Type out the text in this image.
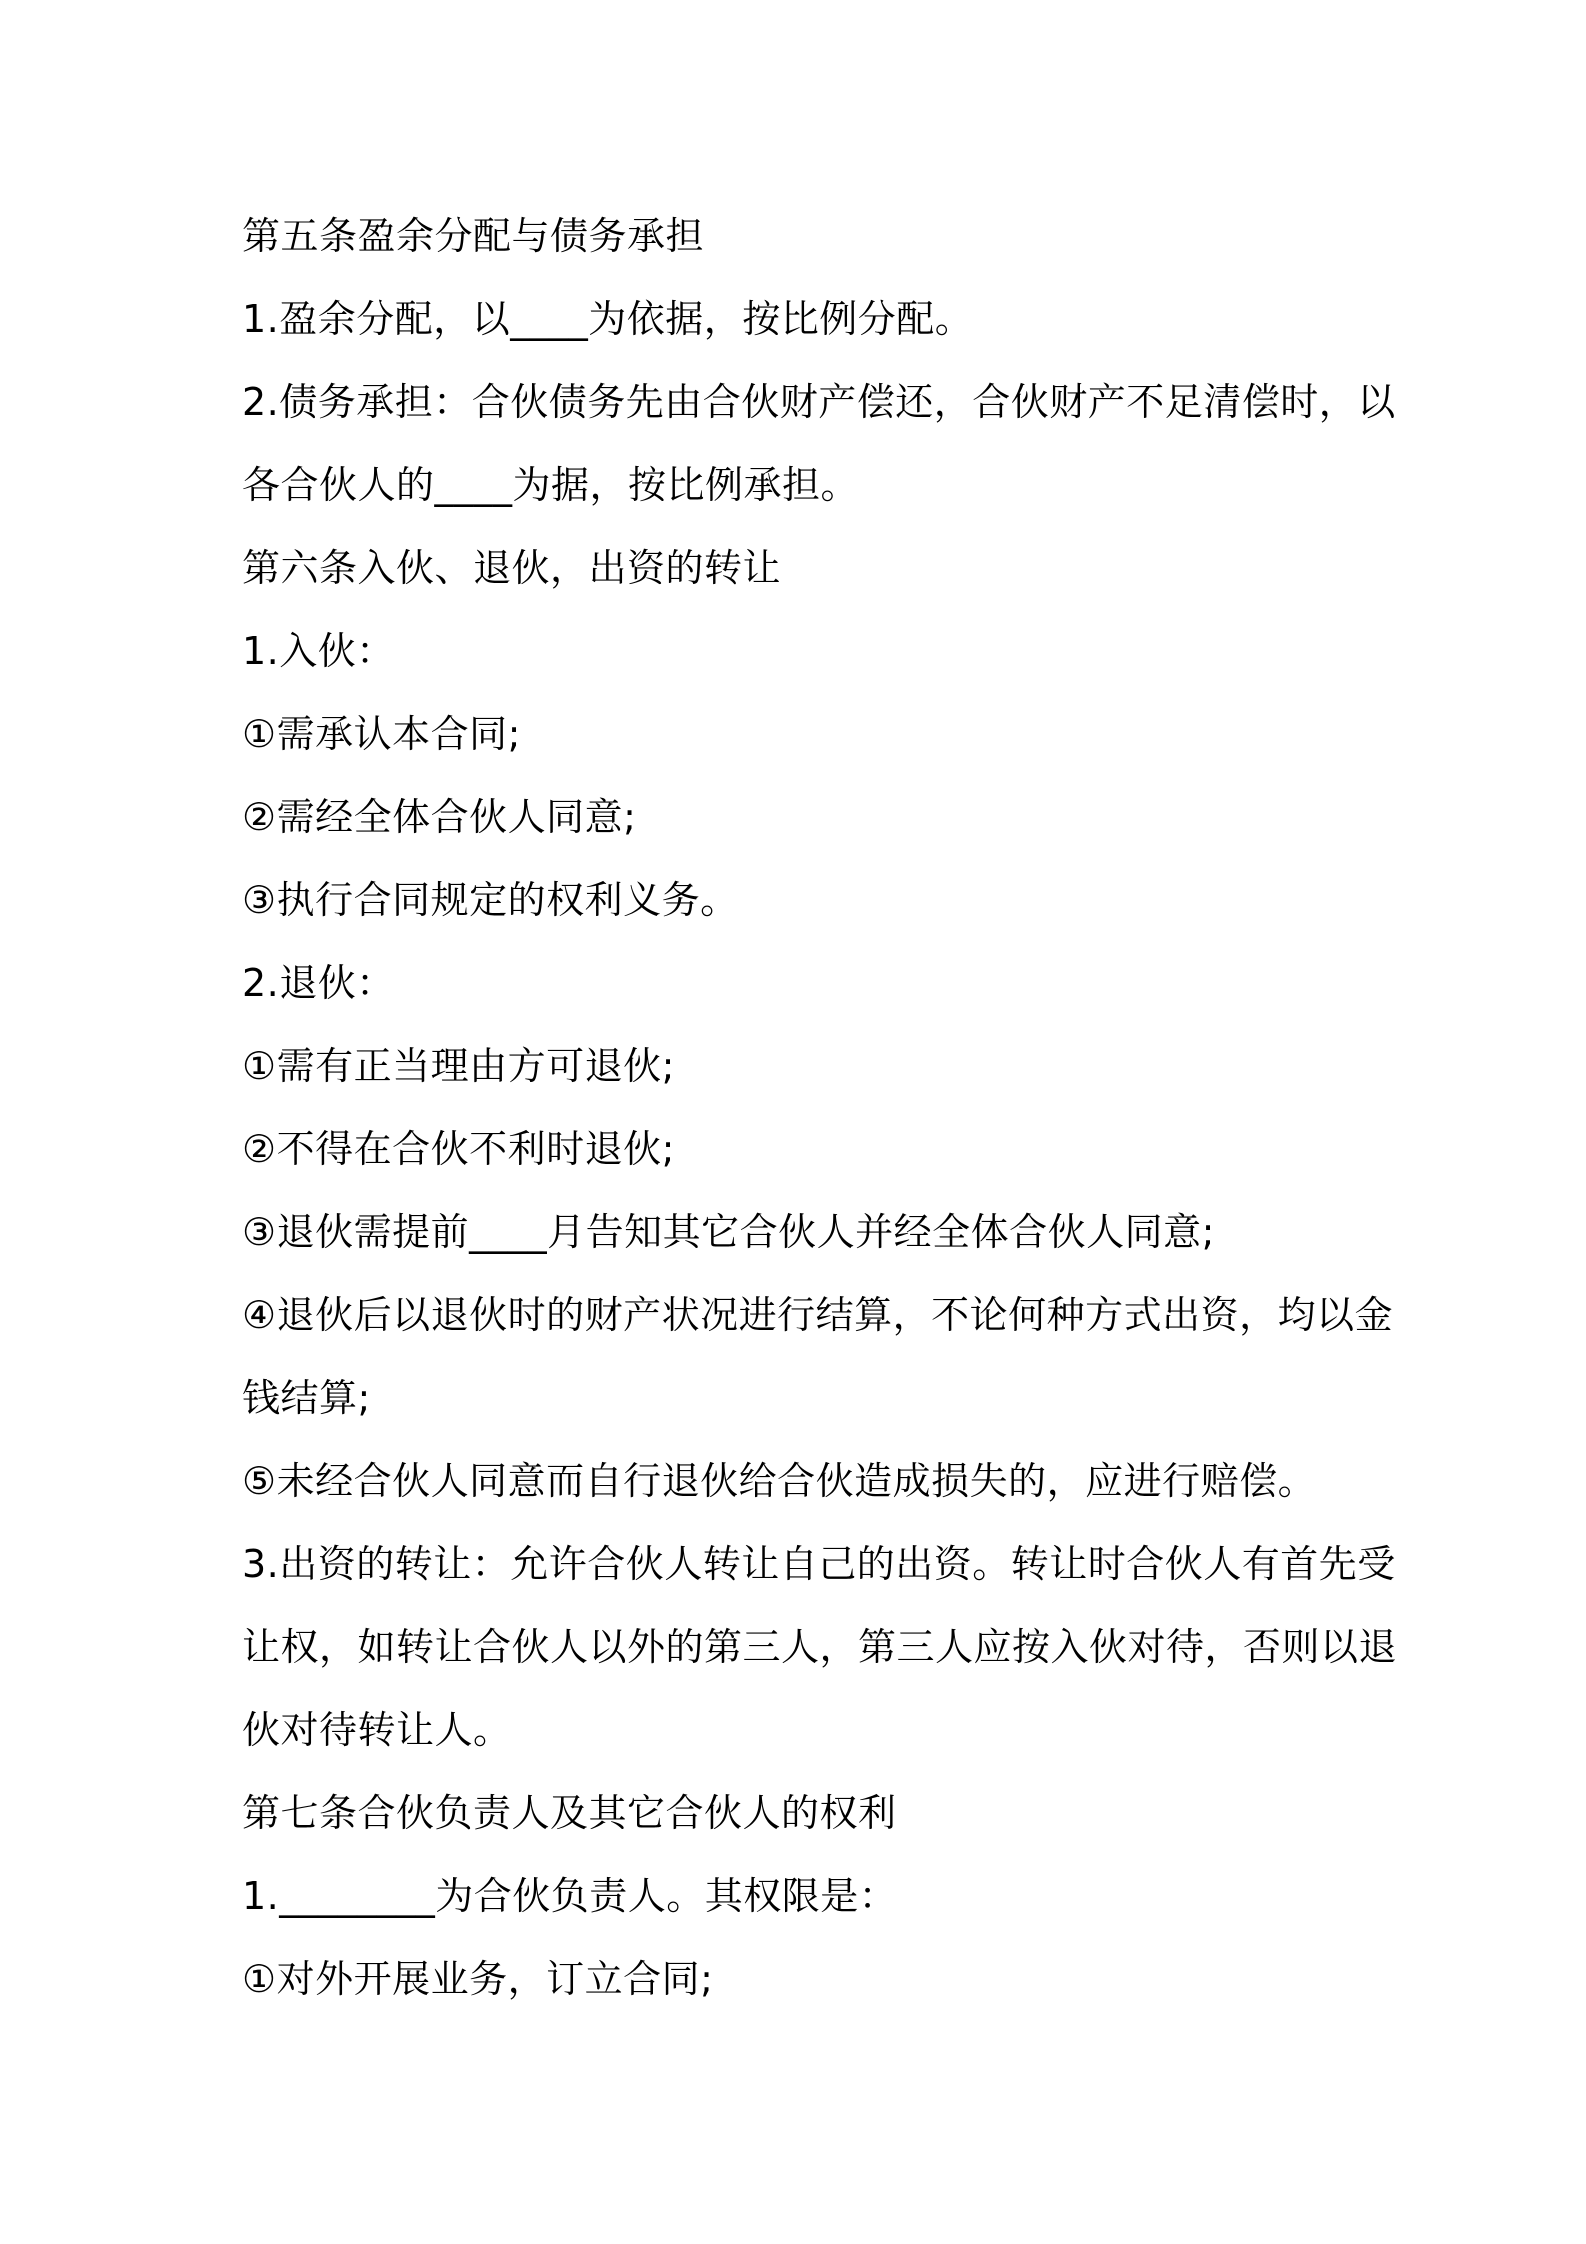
第五条盈余分配与债务承担
1.盈余分配，以____为依据，按比例分配。
2.债务承担：合伙债务先由合伙财产偿还，合伙财产不足清偿时，以
各合伙人的____为据，按比例承担。
第六条入伙、退伙，出资的转让
1.入伙：
①需承认本合同;
②需经全体合伙人同意;
③执行合同规定的权利义务。
2.退伙：
①需有正当理由方可退伙;
②不得在合伙不利时退伙;
③退伙需提前____月告知其它合伙人并经全体合伙人同意;
④退伙后以退伙时的财产状况进行结算，不论何种方式出资，均以金
钱结算;
⑤未经合伙人同意而自行退伙给合伙造成损失的，应进行赔偿。
3.出资的转让：允许合伙人转让自己的出资。转让时合伙人有首先受
让权，如转让合伙人以外的第三人，第三人应按入伙对待，否则以退
伙对待转让人。
第七条合伙负责人及其它合伙人的权利
1.________为合伙负责人。其权限是：
①对外开展业务，订立合同;
